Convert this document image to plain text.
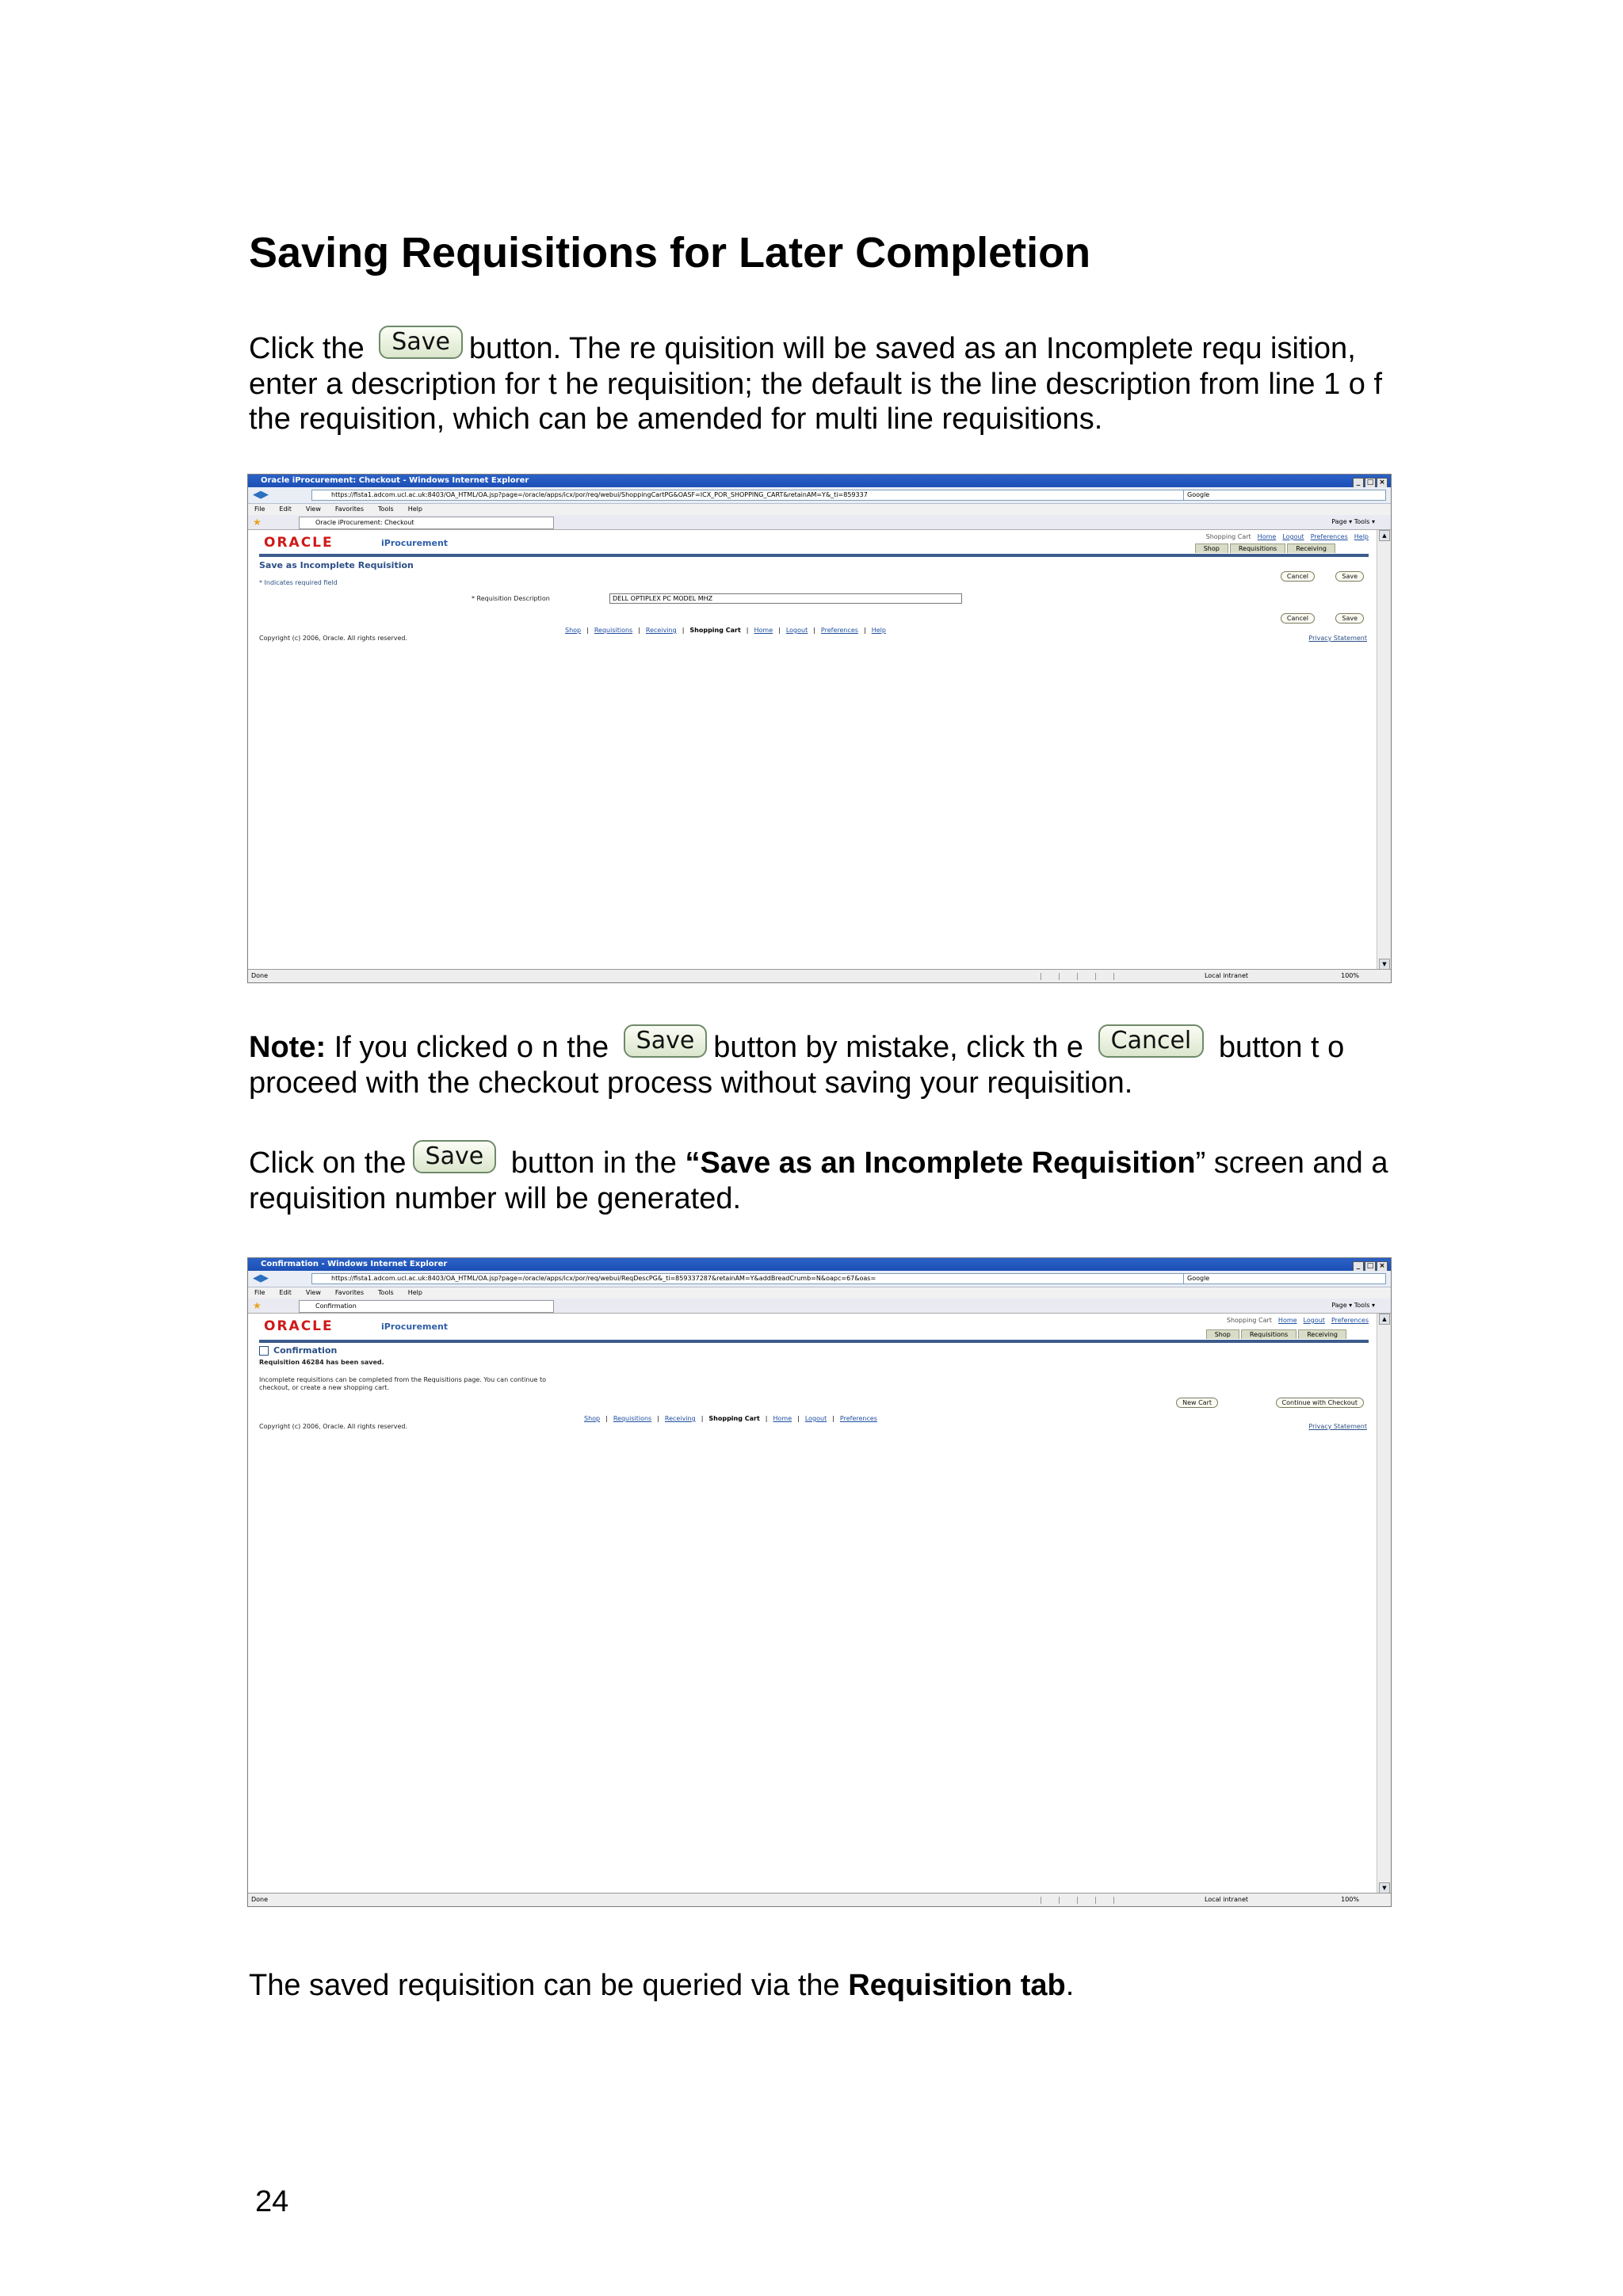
Saving Requisitions for Later Completion

Click the Save button. The re quisition will be saved as an Incomplete requ isition, enter a description for t he requisition; the default is the line description from line 1 o f the requisition, which can be amended for multi line requisitions.

Oracle iProcurement: Checkout - Windows Internet Explorer	_ □ ×
◀▶	https://fista1.adcom.ucl.ac.uk:8403/OA_HTML/OA.jsp?page=/oracle/apps/icx/por/req/webui/ShoppingCartPG&OASF=ICX_POR_SHOPPING_CART&retainAM=Y&_ti=859337	Google
File Edit View Favorites Tools Help
★	Oracle iProcurement: Checkout	Page ▾ Tools ▾
ORACLE	iProcurement
Shopping Cart Home Logout Preferences Help
Shop	Requisitions	Receiving
Save as Incomplete Requisition
* Indicates required field
Cancel	Save
* Requisition Description	DELL OPTIPLEX PC MODEL MHZ
Cancel	Save
Shop | Requisitions | Receiving | Shopping Cart | Home | Logout | Preferences | Help
Copyright (c) 2006, Oracle. All rights reserved.	Privacy Statement
▲
▼
Done	Local intranet	100%

Note: If you clicked o n the Save button by mistake, click th e Cancel button t o proceed with the checkout process without saving your requisition.

Click on the Save button in the “Save as an Incomplete Requisition” screen and a requisition number will be generated.

Confirmation - Windows Internet Explorer	_ □ ×
◀▶	https://fista1.adcom.ucl.ac.uk:8403/OA_HTML/OA.jsp?page=/oracle/apps/icx/por/req/webui/ReqDescPG&_ti=859337287&retainAM=Y&addBreadCrumb=N&oapc=67&oas=	Google
File Edit View Favorites Tools Help
★	Confirmation	Page ▾ Tools ▾
ORACLE	iProcurement
Shopping Cart Home Logout Preferences
Shop	Requisitions	Receiving
Confirmation
Requisition 46284 has been saved.
Incomplete requisitions can be completed from the Requisitions page. You can continue to
checkout, or create a new shopping cart.
New Cart	Continue with Checkout
Shop | Requisitions | Receiving | Shopping Cart | Home | Logout | Preferences
Copyright (c) 2006, Oracle. All rights reserved.	Privacy Statement
▲
▼
Done	Local intranet	100%

The saved requisition can be queried via the Requisition tab.

24
